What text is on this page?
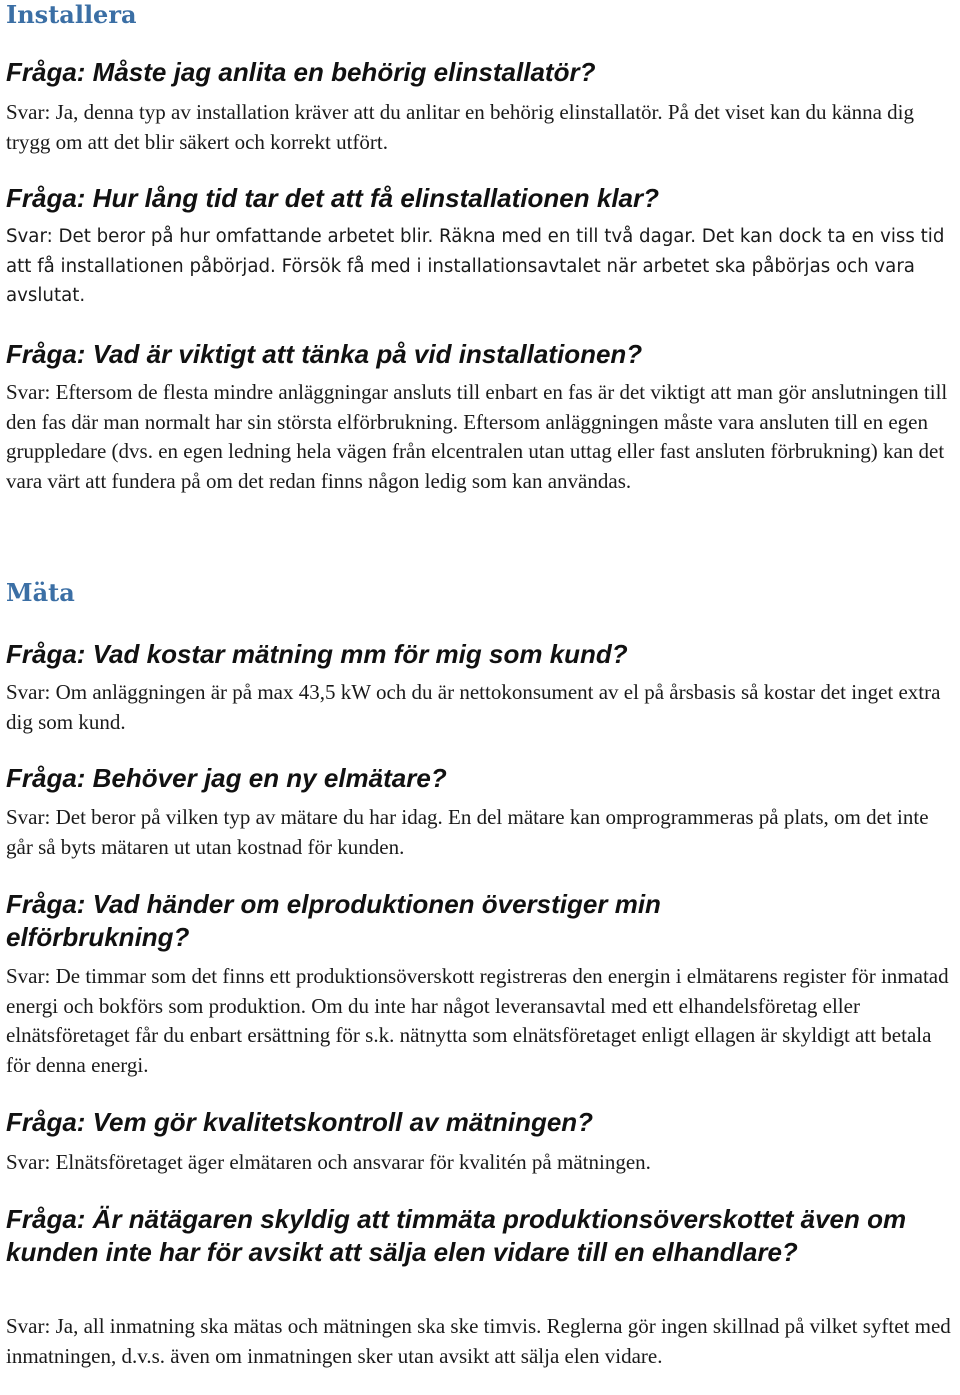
Installera
Fråga: Måste jag anlita en behörig elinstallatör?

Svar: Ja, denna typ av installation kräver att du anlitar en behörig elinstallatör. På det viset kan du känna dig trygg om att det blir säkert och korrekt utfört.

Fråga: Hur lång tid tar det att få elinstallationen klar?

Svar: Det beror på hur omfattande arbetet blir. Räkna med en till två dagar. Det kan dock ta en viss tid att få installationen påbörjad. Försök få med i installationsavtalet när arbetet ska påbörjas och vara avslutat.

Fråga: Vad är viktigt att tänka på vid installationen?

Svar: Eftersom de flesta mindre anläggningar ansluts till enbart en fas är det viktigt att man gör anslutningen till den fas där man normalt har sin största elförbrukning. Eftersom anläggningen måste vara ansluten till en egen gruppledare (dvs. en egen ledning hela vägen från elcentralen utan uttag eller fast ansluten förbrukning) kan det vara värt att fundera på om det redan finns någon ledig som kan användas.

Mäta
Fråga: Vad kostar mätning mm för mig som kund?

Svar: Om anläggningen är på max 43,5 kW och du är nettokonsument av el på årsbasis så kostar det inget extra dig som kund.

Fråga: Behöver jag en ny elmätare?

Svar: Det beror på vilken typ av mätare du har idag. En del mätare kan omprogrammeras på plats, om det inte går så byts mätaren ut utan kostnad för kunden.

Fråga: Vad händer om elproduktionen överstiger min elförbrukning?

Svar: De timmar som det finns ett produktionsöverskott registreras den energin i elmätarens register för inmatad energi och bokförs som produktion. Om du inte har något leveransavtal med ett elhandelsföretag eller elnätsföretaget får du enbart ersättning för s.k. nätnytta som elnätsföretaget enligt ellagen är skyldigt att betala för denna energi.

Fråga: Vem gör kvalitetskontroll av mätningen?

Svar: Elnätsföretaget äger elmätaren och ansvarar för kvalitén på mätningen.

Fråga: Är nätägaren skyldig att timmäta produktionsöverskottet även om kunden inte har för avsikt att sälja elen vidare till en elhandlare?

Svar: Ja, all inmatning ska mätas och mätningen ska ske timvis. Reglerna gör ingen skillnad på vilket syftet med inmatningen, d.v.s. även om inmatningen sker utan avsikt att sälja elen vidare.
